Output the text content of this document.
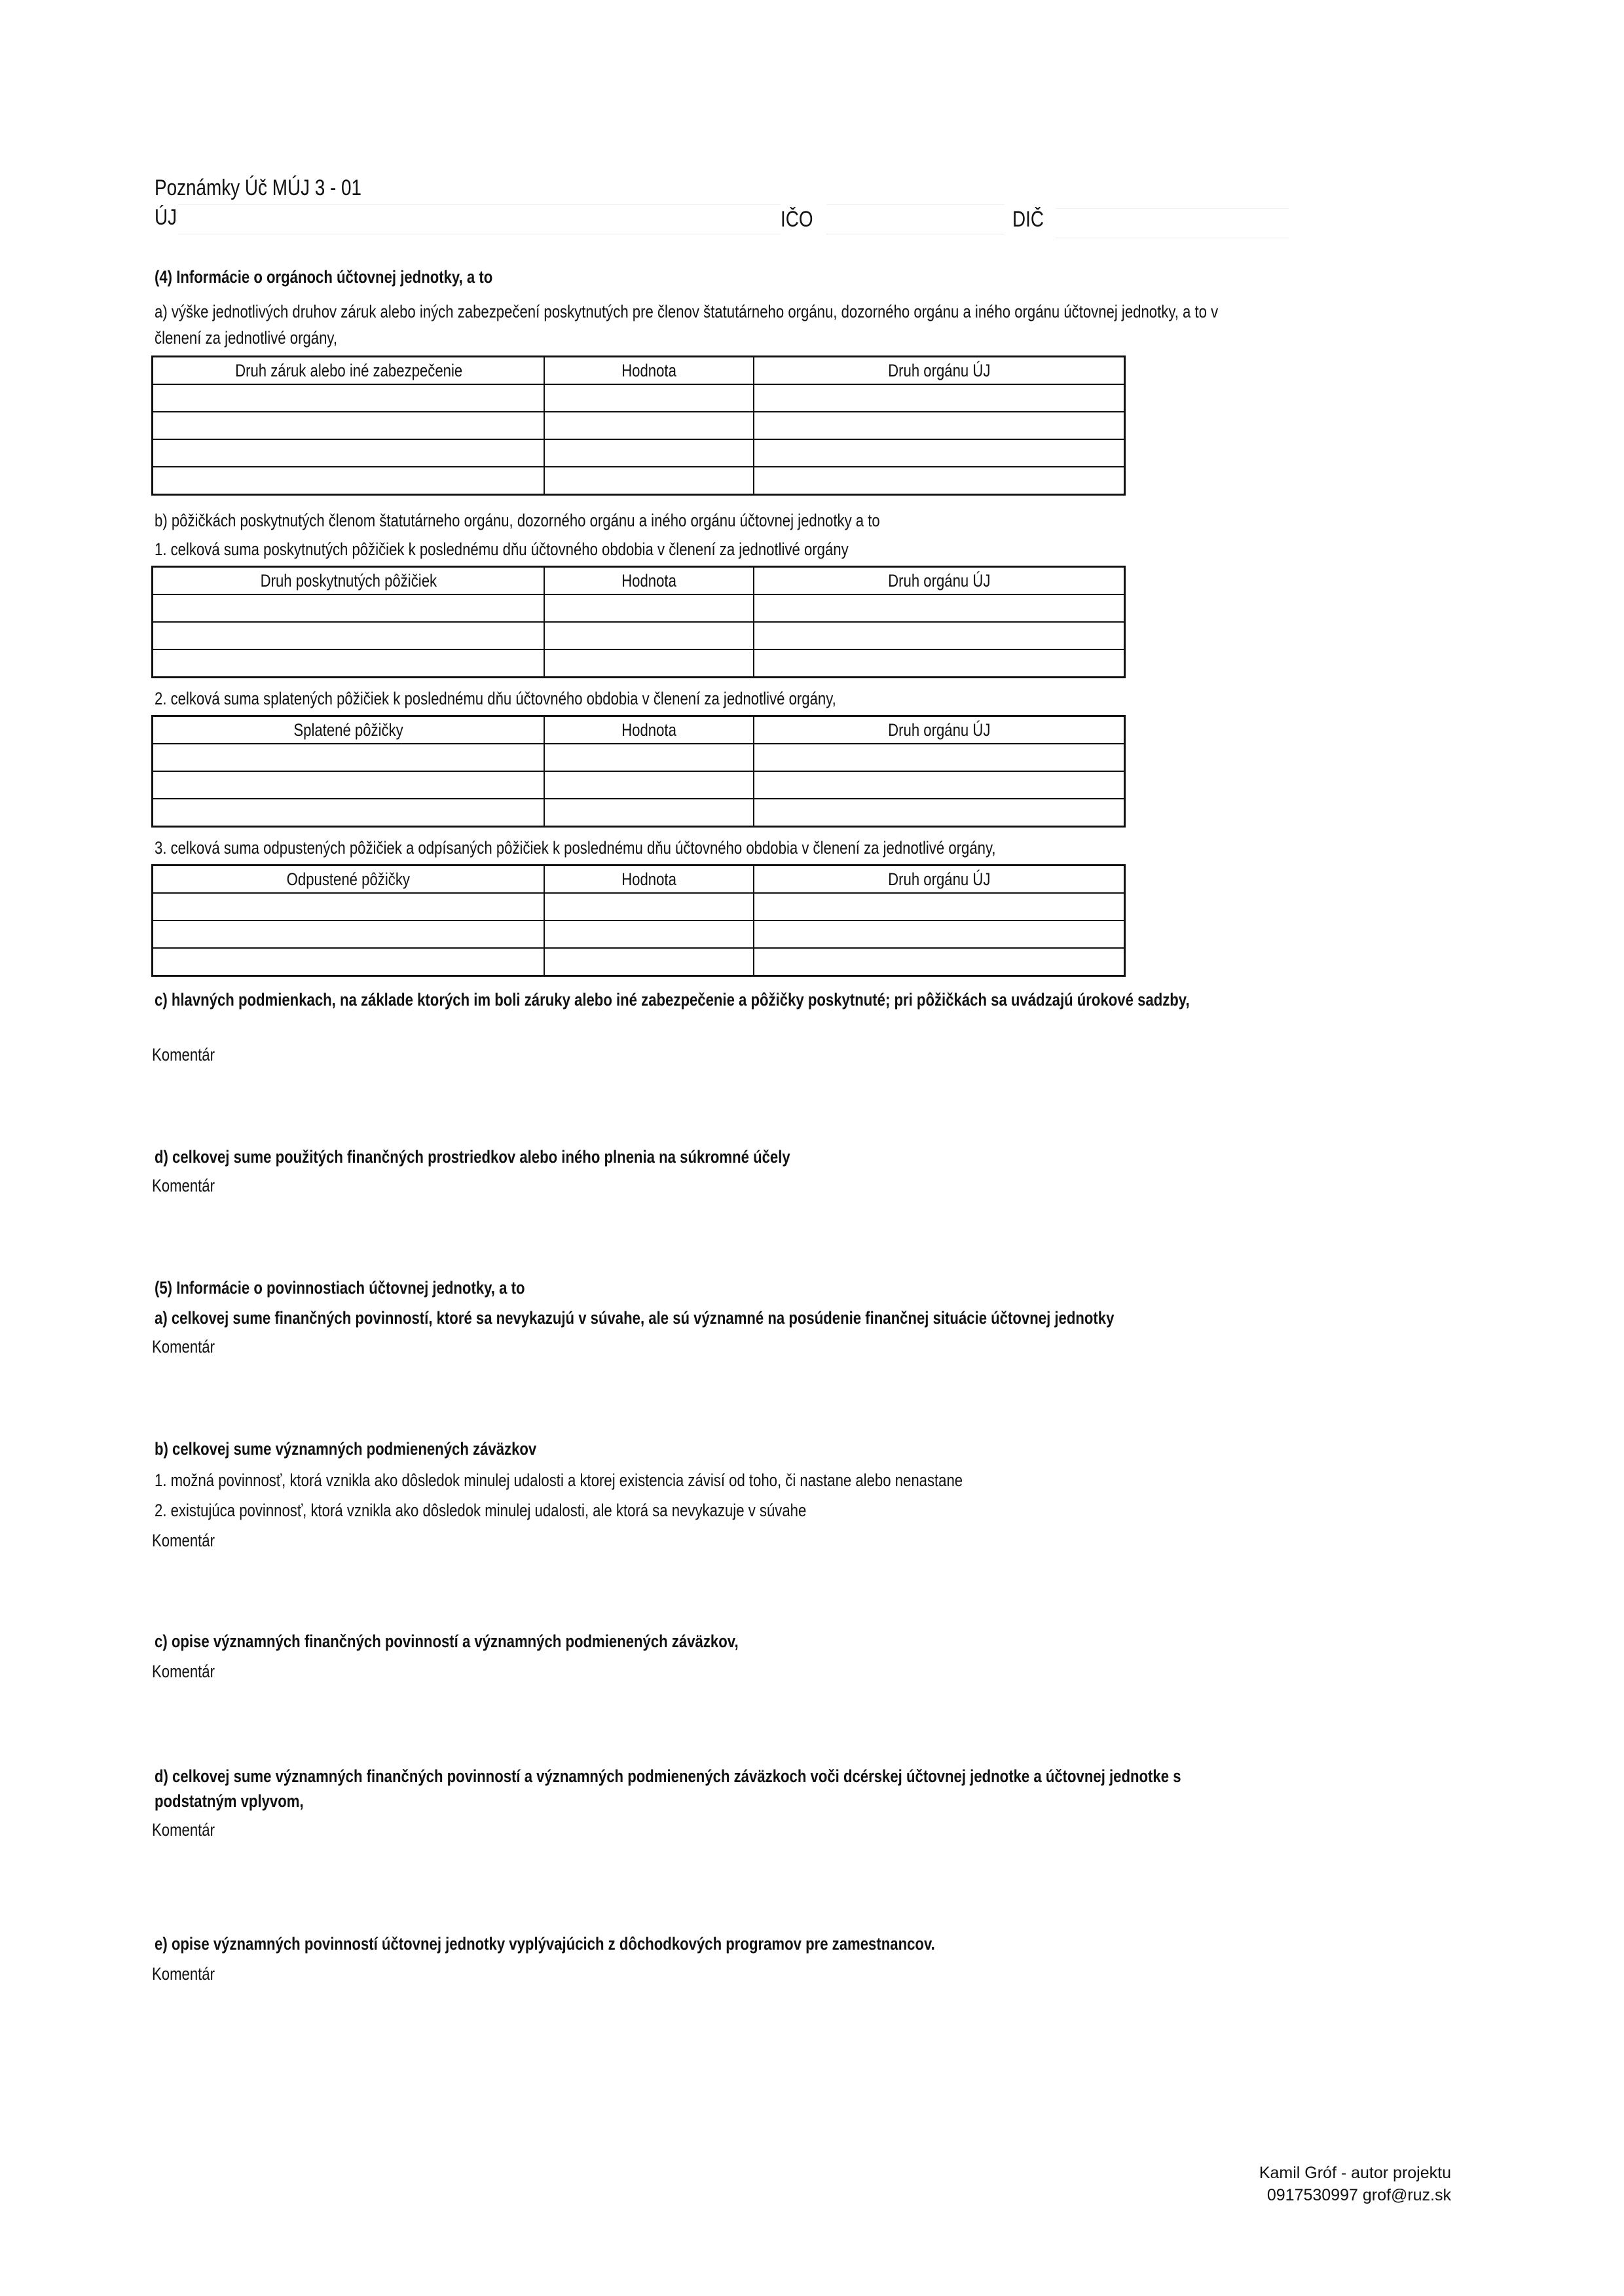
Poznámky Úč MÚJ 3 - 01
ÚJ	IČO	DIČ
(4) Informácie o orgánoch účtovnej jednotky, a to
a) výške jednotlivých druhov záruk alebo iných zabezpečení poskytnutých pre členov štatutárneho orgánu, dozorného orgánu a iného orgánu účtovnej jednotky, a to v členení za jednotlivé orgány,
Druh záruk alebo iné zabezpečenie	Hodnota	Druh orgánu ÚJ

b) pôžičkách poskytnutých členom štatutárneho orgánu, dozorného orgánu a iného orgánu účtovnej jednotky a to
1. celková suma poskytnutých pôžičiek k poslednému dňu účtovného obdobia v členení za jednotlivé orgány
Druh poskytnutých pôžičiek	Hodnota	Druh orgánu ÚJ

2. celková suma splatených pôžičiek k poslednému dňu účtovného obdobia v členení za jednotlivé orgány,
Splatené pôžičky	Hodnota	Druh orgánu ÚJ

3. celková suma odpustených pôžičiek a odpísaných pôžičiek k poslednému dňu účtovného obdobia v členení za jednotlivé orgány,
Odpustené pôžičky	Hodnota	Druh orgánu ÚJ

c) hlavných podmienkach, na základe ktorých im boli záruky alebo iné zabezpečenie a pôžičky poskytnuté; pri pôžičkách sa uvádzajú úrokové sadzby,
Komentár
d) celkovej sume použitých finančných prostriedkov alebo iného plnenia na súkromné účely
Komentár
(5) Informácie o povinnostiach účtovnej jednotky, a to
a) celkovej sume finančných povinností, ktoré sa nevykazujú v súvahe, ale sú významné na posúdenie finančnej situácie účtovnej jednotky
Komentár
b) celkovej sume významných podmienených záväzkov
1. možná povinnosť, ktorá vznikla ako dôsledok minulej udalosti a ktorej existencia závisí od toho, či nastane alebo nenastane
2. existujúca povinnosť, ktorá vznikla ako dôsledok minulej udalosti, ale ktorá sa nevykazuje v súvahe
Komentár
c) opise významných finančných povinností a významných podmienených záväzkov,
Komentár
d) celkovej sume významných finančných povinností a významných podmienených záväzkoch voči dcérskej účtovnej jednotke a účtovnej jednotke s podstatným vplyvom,
Komentár
e) opise významných povinností účtovnej jednotky vyplývajúcich z dôchodkových programov pre zamestnancov.
Komentár
Kamil Gróf - autor projektu
0917530997 grof@ruz.sk
